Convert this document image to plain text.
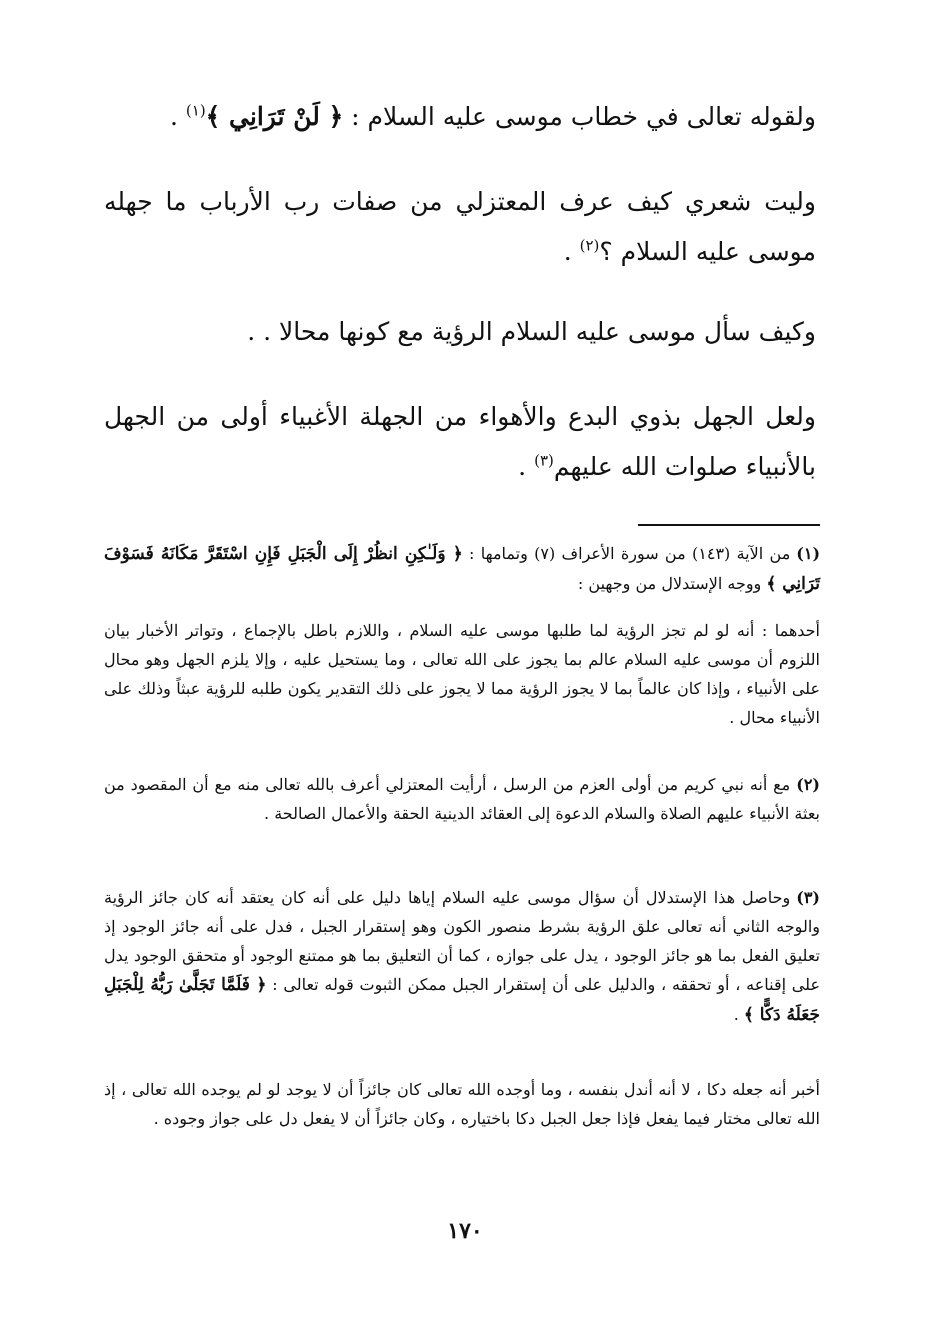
ولقوله تعالى في خطاب موسى عليه السلام : ﴿ لَنْ تَرَانِي ﴾$^{(١)}$ .

وليت شعري كيف عرف المعتزلي من صفات رب الأرباب ما جهله موسى عليه السلام ؟$^{(٢)}$ .

وكيف سأل موسى عليه السلام الرؤية مع كونها محالا . .

ولعل الجهل بذوي البدع والأهواء من الجهلة الأغبياء أولى من الجهل بالأنبياء صلوات الله عليهم$^{(٣)}$ .

(١)من الآية (١٤٣) من سورة الأعراف (٧) وتمامها : ﴿ وَلَـٰكِنِ انظُرْ إِلَى الْجَبَلِ فَإِنِ اسْتَقَرَّ مَكَانَهُ فَسَوْفَ تَرَانِي ﴾ ووجه الإستدلال من وجهين :

أحدهما : أنه لو لم تجز الرؤية لما طلبها موسى عليه السلام ، واللازم باطل بالإجماع ، وتواتر الأخبار بيان اللزوم أن موسى عليه السلام عالم بما يجوز على الله تعالى ، وما يستحيل عليه ، وإلا يلزم الجهل وهو محال على الأنبياء ، وإذا كان عالماً بما لا يجوز الرؤية مما لا يجوز على ذلك التقدير يكون طلبه للرؤية عبثاً وذلك على الأنبياء محال .

(٢)مع أنه نبي كريم من أولى العزم من الرسل ، أرأيت المعتزلي أعرف بالله تعالى منه مع أن المقصود من بعثة الأنبياء عليهم الصلاة والسلام الدعوة إلى العقائد الدينية الحقة والأعمال الصالحة .

(٣)وحاصل هذا الإستدلال أن سؤال موسى عليه السلام إياها دليل على أنه كان يعتقد أنه كان جائز الرؤية والوجه الثاني أنه تعالى علق الرؤية بشرط منصور الكون وهو إستقرار الجبل ، فدل على أنه جائز الوجود إذ تعليق الفعل بما هو جائز الوجود ، يدل على جوازه ، كما أن التعليق بما هو ممتنع الوجود أو متحقق الوجود يدل على إقناعه ، أو تحققه ، والدليل على أن إستقرار الجبل ممكن الثبوت قوله تعالى : ﴿ فَلَمَّا تَجَلَّىٰ رَبُّهُ لِلْجَبَلِ جَعَلَهُ دَكًّا ﴾ .

أخبر أنه جعله دكا ، لا أنه أندل بنفسه ، وما أوجده الله تعالى كان جائزاً أن لا يوجد لو لم يوجده الله تعالى ، إذ الله تعالى مختار فيما يفعل فإذا جعل الجبل دكا باختياره ، وكان جائزاً أن لا يفعل دل على جواز وجوده .

١٧٠
